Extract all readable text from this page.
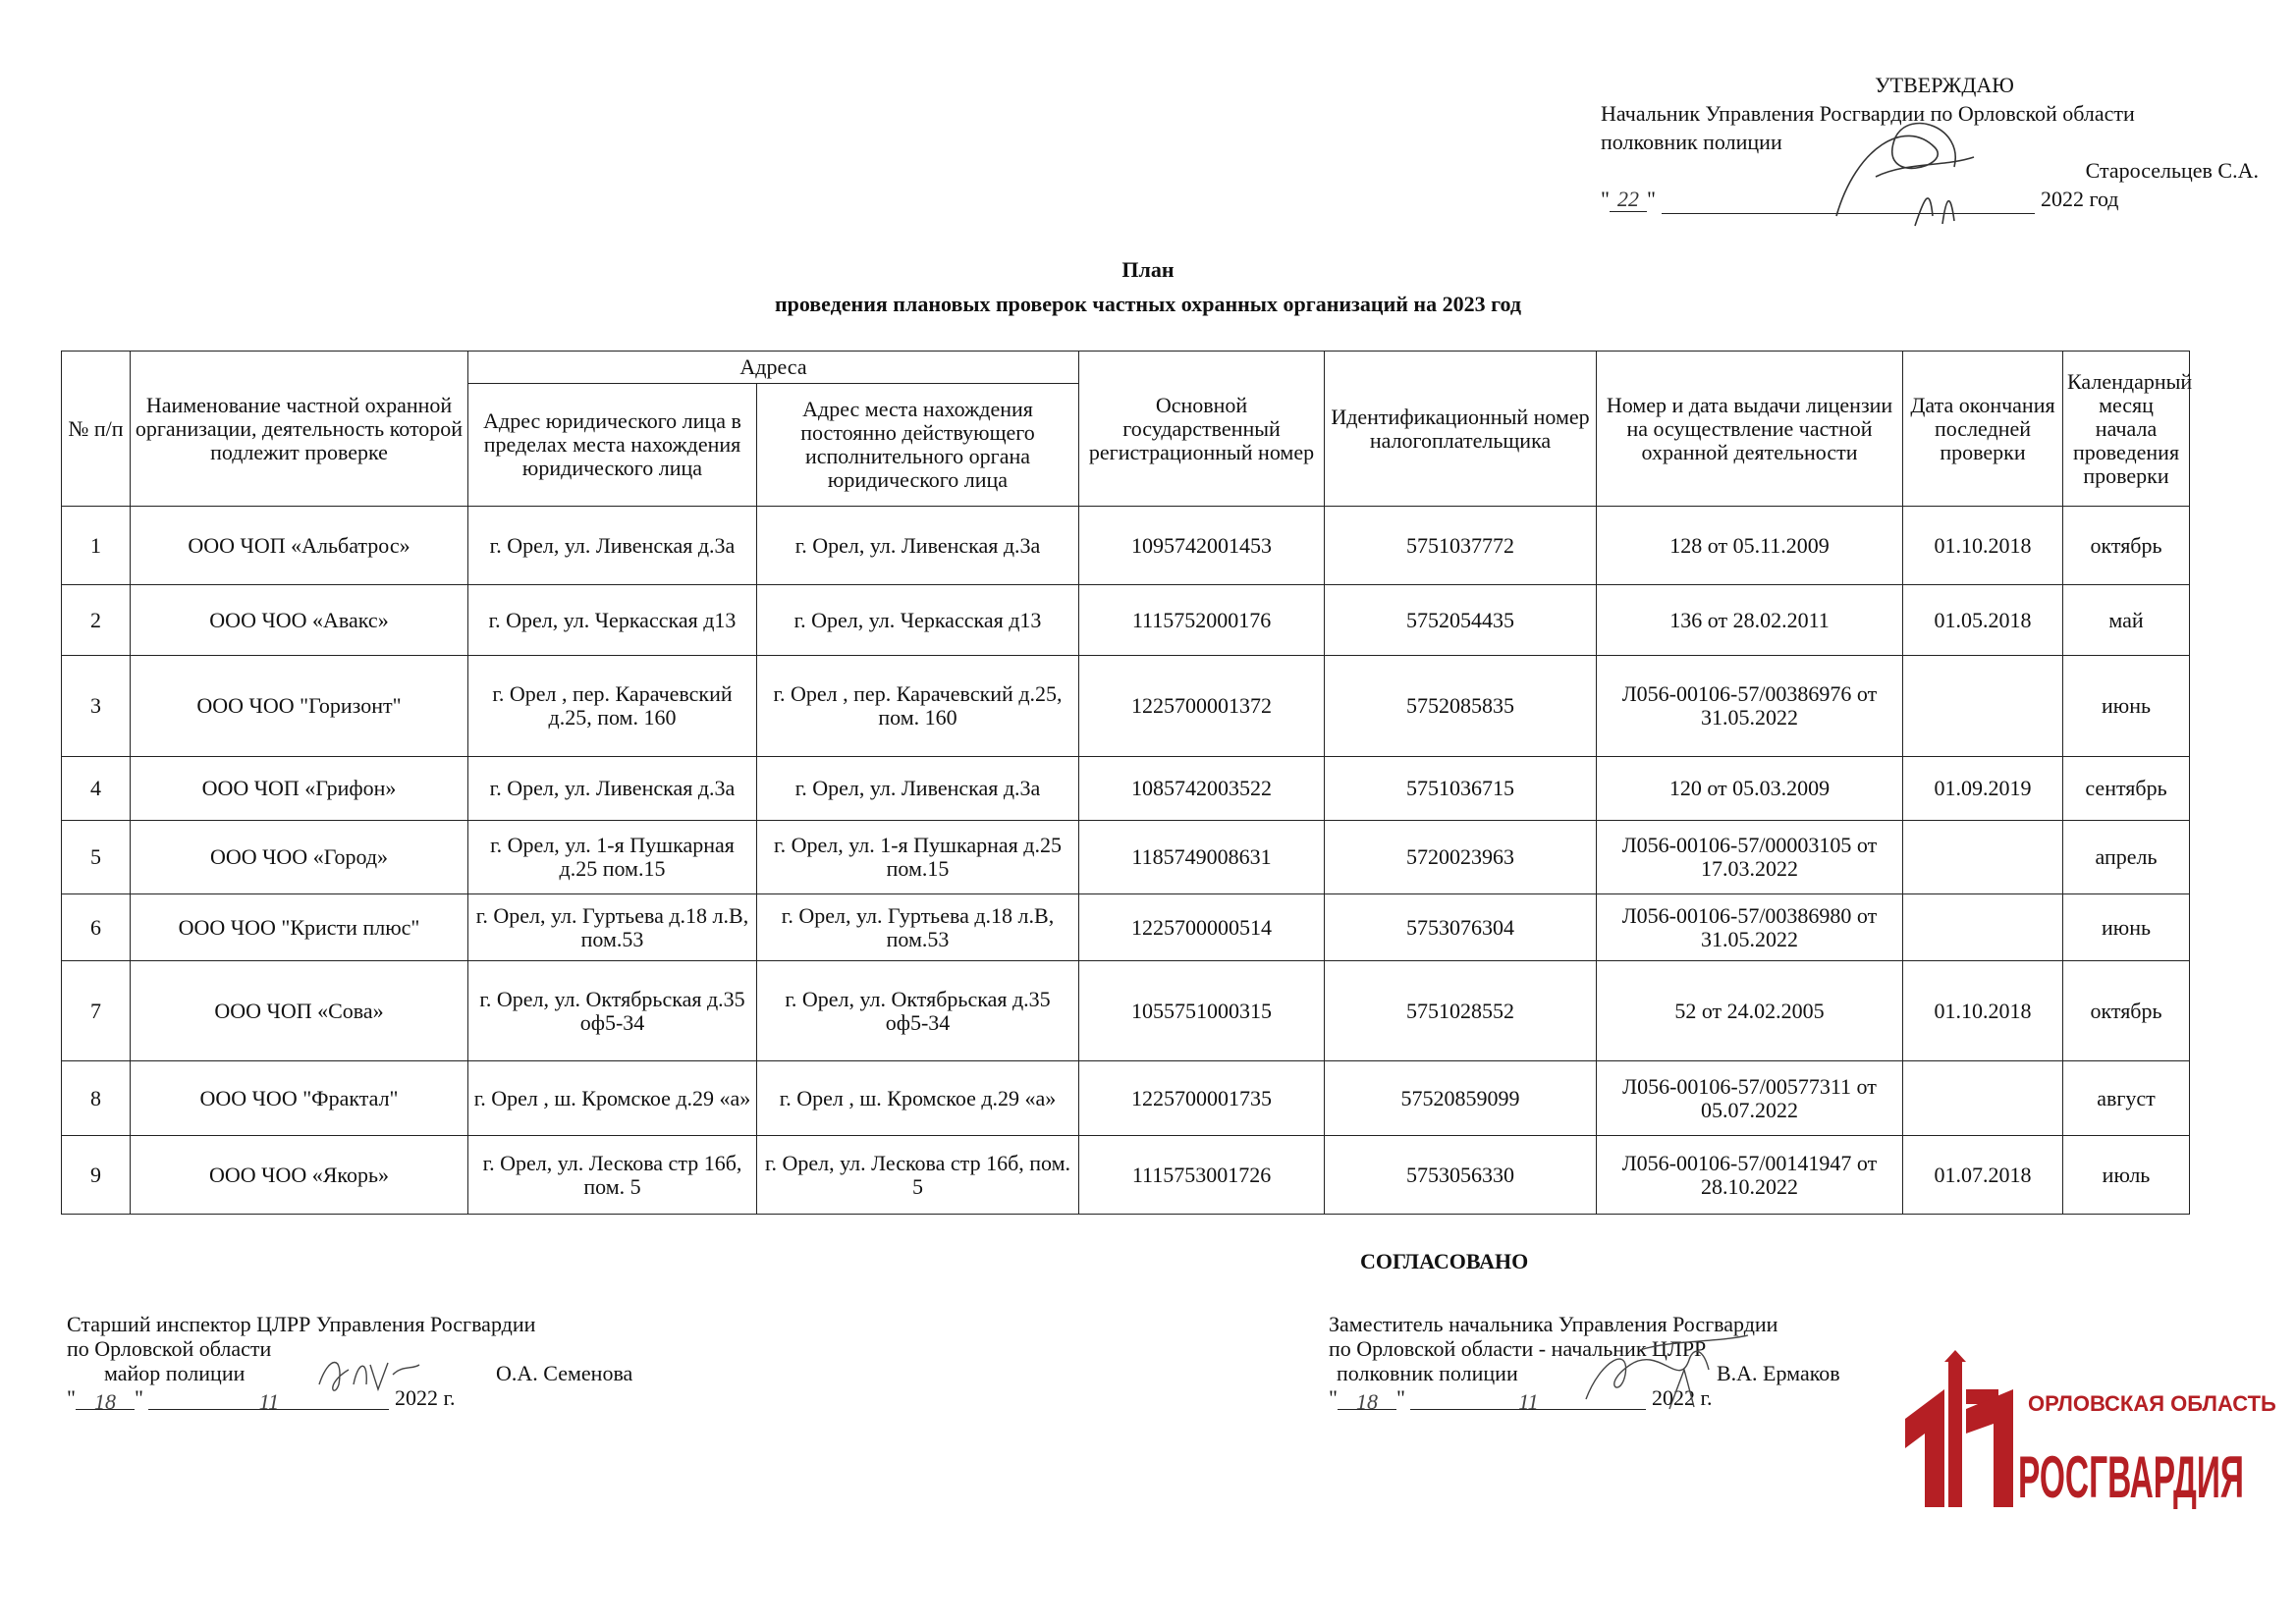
УТВЕРЖДАЮ
Начальник Управления Росгвардии по Орловской области
полковник полиции
Старосельцев С.А.
" 22 "	2022 год
План
проведения плановых проверок частных охранных организаций на 2023 год
№ п/п	Наименование частной охранной организации, деятельность которой подлежит проверке	Адреса		Основной государственный регистрационный номер	Идентификационный номер налогоплательщика	Номер и дата выдачи лицензии на осуществление частной охранной деятельности	Дата окончания последней проверки	Календарный месяц начала проведения проверки
		Адрес юридического лица в пределах места нахождения юридического лица	Адрес места нахождения постоянно действующего исполнительного органа юридического лица					
1	ООО ЧОП «Альбатрос»	г. Орел, ул. Ливенская д.3а	г. Орел, ул. Ливенская д.3а	1095742001453	5751037772	128 от 05.11.2009	01.10.2018	октябрь
2	ООО ЧОО «Авакс»	г. Орел, ул. Черкасская д13	г. Орел, ул. Черкасская д13	1115752000176	5752054435	136 от 28.02.2011	01.05.2018	май
3	ООО ЧОО "Горизонт"	г. Орел , пер. Карачевский д.25, пом. 160	г. Орел , пер. Карачевский д.25, пом. 160	1225700001372	5752085835	Л056-00106-57/00386976 от 31.05.2022		июнь
4	ООО ЧОП «Грифон»	г. Орел, ул. Ливенская д.3а	г. Орел, ул. Ливенская д.3а	1085742003522	5751036715	120 от 05.03.2009	01.09.2019	сентябрь
5	ООО ЧОО «Город»	г. Орел, ул. 1-я Пушкарная д.25 пом.15	г. Орел, ул. 1-я Пушкарная д.25 пом.15	1185749008631	5720023963	Л056-00106-57/00003105 от 17.03.2022		апрель
6	ООО ЧОО "Кристи плюс"	г. Орел, ул. Гуртьева д.18 л.В, пом.53	г. Орел, ул. Гуртьева д.18 л.В, пом.53	1225700000514	5753076304	Л056-00106-57/00386980 от 31.05.2022		июнь
7	ООО ЧОП «Сова»	г. Орел, ул. Октябрьская д.35 оф5-34	г. Орел, ул. Октябрьская д.35 оф5-34	1055751000315	5751028552	52 от 24.02.2005	01.10.2018	октябрь
8	ООО ЧОО "Фрактал"	г. Орел , ш. Кромское д.29 «а»	г. Орел , ш. Кромское д.29 «а»	1225700001735	57520859099	Л056-00106-57/00577311 от 05.07.2022		август
9	ООО ЧОО «Якорь»	г. Орел, ул. Лескова стр 16б, пом. 5	г. Орел, ул. Лескова стр 16б, пом. 5	1115753001726	5753056330	Л056-00106-57/00141947 от 28.10.2022	01.07.2018	июль
СОГЛАСОВАНО
Старший инспектор ЦЛРР Управления Росгвардии
по Орловской области
майор полиции	О.А. Семенова
" 18 "	11	2022 г.
Заместитель начальника Управления Росгвардии
по Орловской области - начальник ЦЛРР
полковник полиции	В.А. Ермаков
" 18 "	11	2022 г.	ОРЛОВСКАЯ ОБЛАСТЬ
РОСГВАРДИЯ
